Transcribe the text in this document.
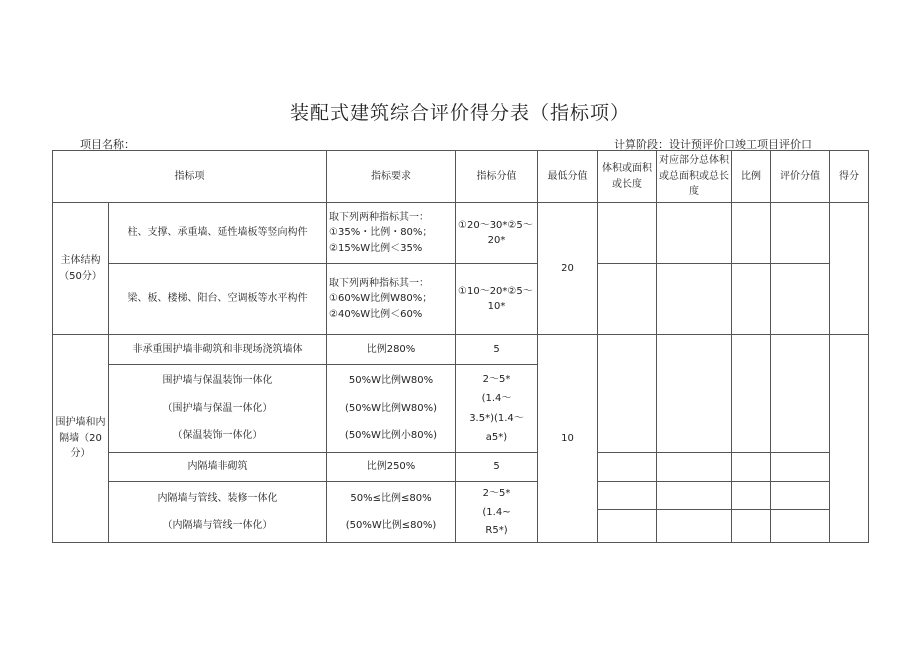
装配式建筑综合评价得分表（指标项）
项目名称：	计算阶段：设计预评价口竣工项目评价口
指标项		指标要求	指标分值	最低分值	体积或面积或长度	对应部分总体积或总面积或总长度	比例	评价分值	得分
主体结构（50分）	柱、支撑、承重墙、延性墙板等竖向构件	取下列两种指标其一：
①35%・比例・80%；
②15%W比例＜35%	①20～30*②5～
20*	20					
	梁、板、楼梯、阳台、空调板等水平构件	取下列两种指标其一：
①60%W比例W80%；
②40%W比例＜60%	①10～20*②5～
10*						

围护墙和内隔墙（20分）	非承重围护墙非砌筑和非现场浇筑墙体	比例280%	5	10					

	围护墙与保温装饰一体化
（围护墙与保温一体化）
（保温装饰一体化）	50%W比例W80%
(50%W比例W80%)
(50%W比例小80%)	2～5*
(1.4～
3.5*)(1.4～
a5*)						

	内隔墙非砌筑	比例250%	5						

	内隔墙与管线、装修一体化
（内隔墙与管线一体化）	50%≤比例≤80%
(50%W比例≤80%)	2～5*
(1.4~
R5*)						
